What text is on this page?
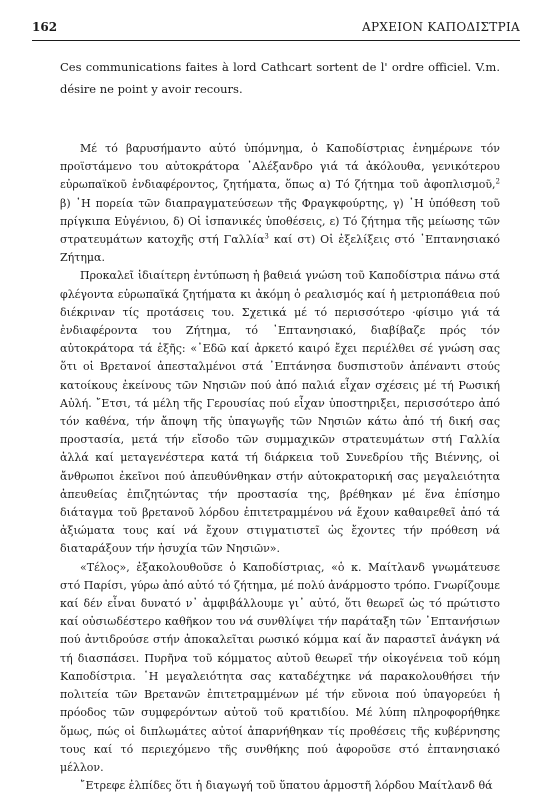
162	ΑΡΧΕΙΟΝ ΚΑΠΟΔΙΣΤΡΙΑ

Ces communications faites à lord Cathcart sortent de l' ordre officiel. V.m. désire ne point y avoir recours.

Μέ τό βαρυσήμαντο αὐτό ὑπόμνημα, ὁ Καποδίστριας ἐνημέρωνε τόν προϊστάμενο του αὐτοκράτορα ᾿Αλέξανδρο γιά τά ἀκόλουθα, γενικότερου εὐρωπαϊκοῦ ἐνδιαφέροντος, ζητήματα, ὅπως α) Τό ζήτημα τοῦ ἀφοπλισμοῦ,$^2$ β) ῾Η πορεία τῶν διαπραγματεύσεων τῆς Φραγκφούρτης, γ) ῾Η ὑπόθεση τοῦ πρίγκιπα Εὐγένιου, δ) Οἱ ἱσπανικές ὑποθέσεις, ε) Τό ζήτημα τῆς μείωσης τῶν στρατευμάτων κατοχῆς στή Γαλλία$^3$ καί στ) Οἱ ἐξελίξεις στό ᾿Επτανησιακό Ζήτημα.

Προκαλεῖ ἰδιαίτερη ἐντύπωση ἡ βαθειά γνώση τοῦ Καποδίστρια πάνω στά φλέγοντα εὐρωπαϊκά ζητήματα κι ἀκόμη ὁ ρεαλισμός καί ἡ μετριοπάθεια πού διέκριναν τίς προτάσεις του. Σχετικά μέ τό περισσότερο ·φίσιμο γιά τά ἐνδιαφέροντα του Ζήτημα, τό ᾿Επτανησιακό, διαβίβαζε πρός τόν αὐτοκράτορα τά ἑξῆς: «᾿Εδῶ καί ἀρκετό καιρό ἔχει περιέλθει σέ γνώση σας ὅτι οἱ Βρετανοί ἀπεσταλμένοι στά ᾿Επτάνησα δυσπιστοῦν ἀπέναντι στούς κατοίκους ἐκείνους τῶν Νησιῶν πού ἀπό παλιά εἶχαν σχέσεις μέ τή Ρωσική Αὐλή. ῎Ετσι, τά μέλη τῆς Γερουσίας πού εἶχαν ὑποστηριξει, περισσότερο ἀπό τόν καθένα, τήν ἄποψη τῆς ὑπαγωγῆς τῶν Νησιῶν κάτω ἀπό τή δική σας προστασία, μετά τήν εἴσοδο τῶν συμμαχικῶν στρατευμάτων στή Γαλλία ἀλλά καί μεταγενέστερα κατά τή διάρκεια τοῦ Συνεδρίου τῆς Βιέννης, οἱ ἄνθρωποι ἐκεῖνοι πού ἀπευθύνθηκαν στήν αὐτοκρατορική σας μεγαλειότητα ἀπευθείας ἐπιζητώντας τήν προστασία της, βρέθηκαν μέ ἕνα ἐπίσημο διάταγμα τοῦ βρετανοῦ λόρδου ἐπιτετραμμένου νά ἔχουν καθαιρεθεῖ ἀπό τά ἀξιώματα τους καί νά ἔχουν στιγματιστεῖ ὡς ἔχοντες τήν πρόθεση νά διαταράξουν τήν ἡσυχία τῶν Νησιῶν».

«Τέλος», ἐξακολουθοῦσε ὁ Καποδίστριας, «ὁ κ. Μαίτλανδ γνωμάτευσε στό Παρίσι, γύρω ἀπό αὐτό τό ζήτημα, μέ πολύ ἀνάρμοστο τρόπο. Γνωρίζουμε καί δέν εἶναι δυνατό ν᾿ ἀμφιβάλλουμε γι᾿ αὐτό, ὅτι θεωρεῖ ὡς τό πρώτιστο καί οὐσιωδέστερο καθῆκον του νά συνθλίψει τήν παράταξη τῶν ᾿Επτανήσιων πού ἀντιδρούσε στήν ἀποκαλεῖται ρωσικό κόμμα καί ἄν παραστεῖ ἀνάγκη νά τή διασπάσει. Πυρῆνα τοῦ κόμματος αὐτοῦ θεωρεῖ τήν οἰκογένεια τοῦ κόμη Καποδίστρια. ῾Η μεγαλειότητα σας καταδέχτηκε νά παρακολουθήσει τήν πολιτεία τῶν Βρετανῶν ἐπιτετραμμένων μέ τήν εὔνοια πού ὑπαγορεύει ἡ πρόοδος τῶν συμφερόντων αὐτοῦ τοῦ κρατιδίου. Μέ λύπη πληροφορήθηκε ὅμως, πώς οἱ διπλωμάτες αὐτοί ἀπαρνήθηκαν τίς προθέσεις τῆς κυβέρνησης τους καί τό περιεχόμενο τῆς συνθήκης πού ἀφοροῦσε στό ἐπτανησιακό μέλλον.

῎Ετρεφε ἐλπίδες ὅτι ἡ διαγωγή τοῦ ὕπατου ἁρμοστῆ λόρδου Μαίτλανδ θά
